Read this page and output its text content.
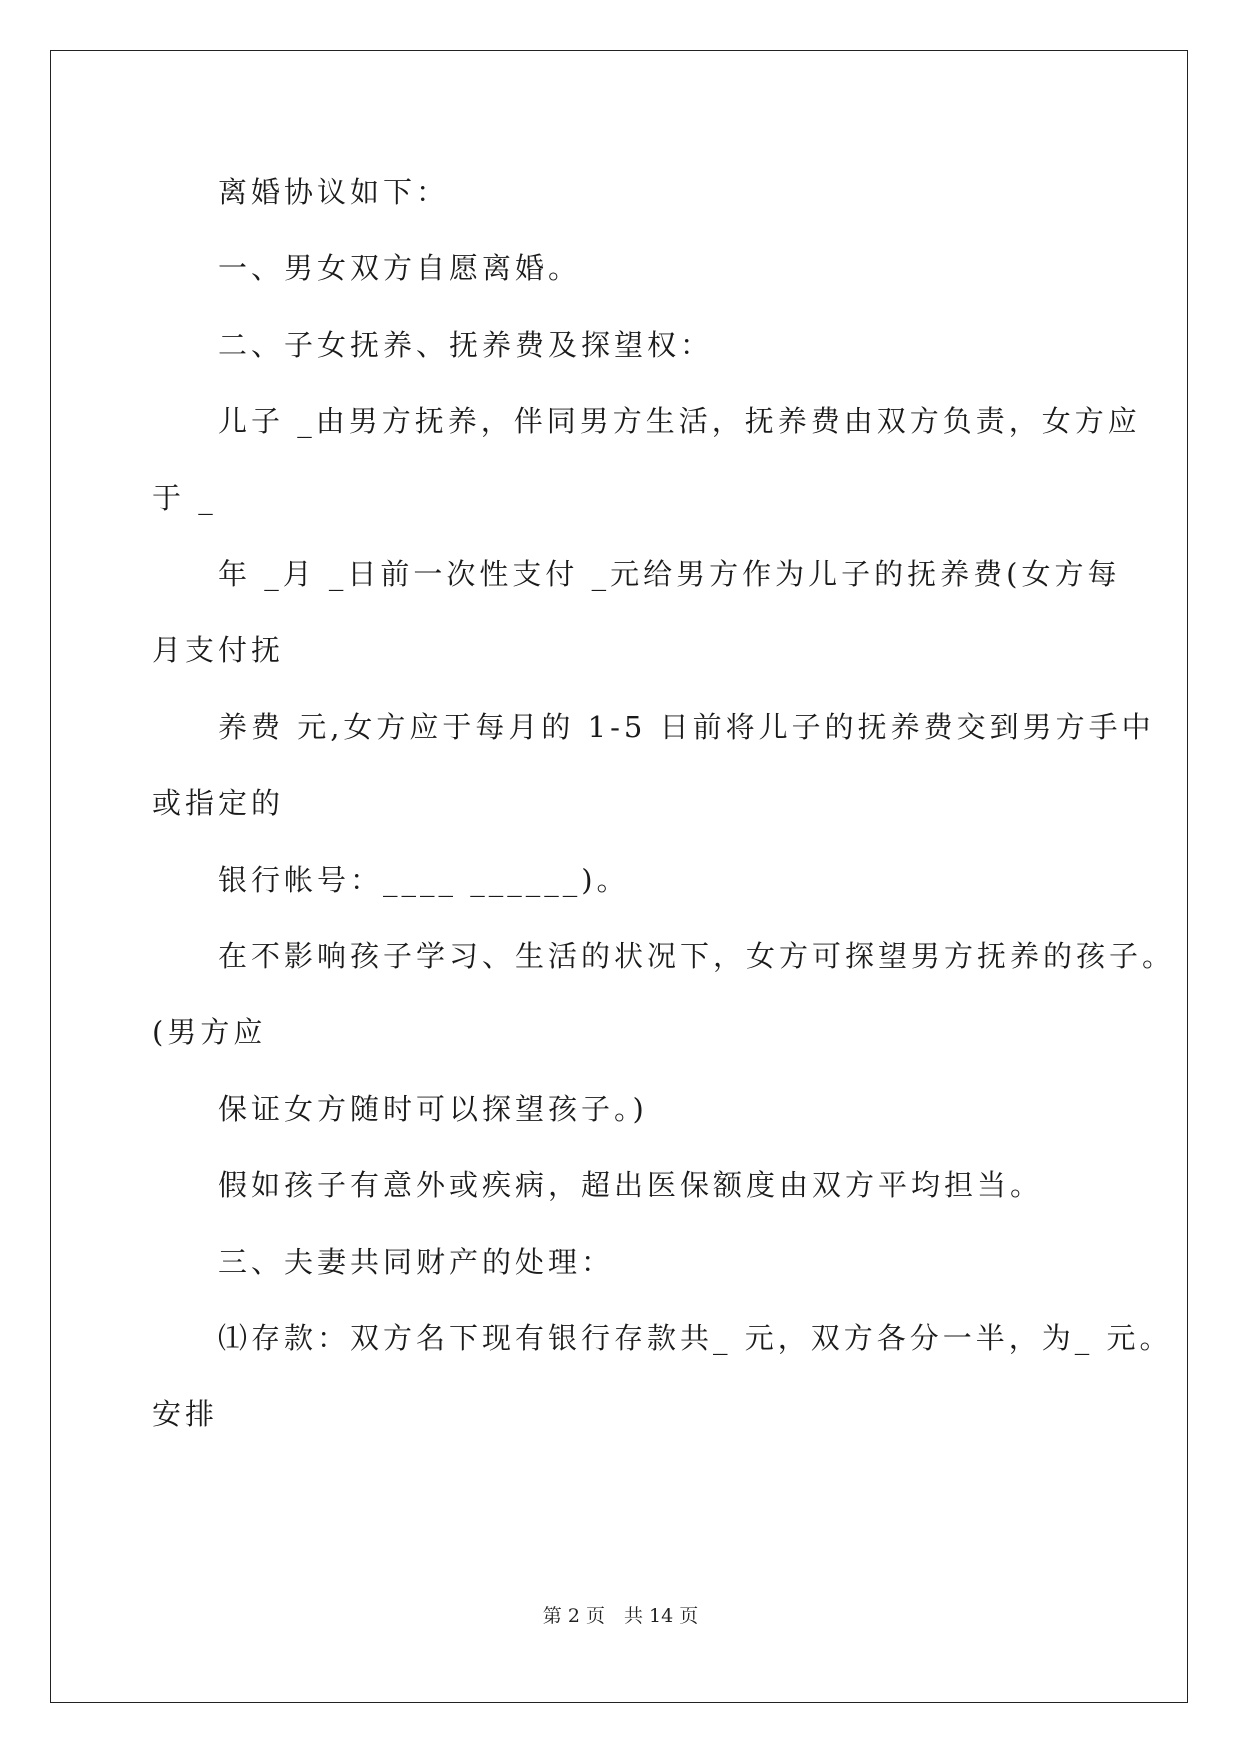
离婚协议如下：
一、男女双方自愿离婚。
二、子女抚养、抚养费及探望权：
儿子 _由男方抚养，伴同男方生活，抚养费由双方负责，女方应
于 _
年 _月 _日前一次性支付 _元给男方作为儿子的抚养费(女方每
月支付抚
养费 元,女方应于每月的 1-5 日前将儿子的抚养费交到男方手中
或指定的
银行帐号：____ ______)。
在不影响孩子学习、生活的状况下，女方可探望男方抚养的孩子。
(男方应
保证女方随时可以探望孩子。)
假如孩子有意外或疾病，超出医保额度由双方平均担当。
三、夫妻共同财产的处理：
⑴存款：双方名下现有银行存款共_ 元，双方各分一半，为_ 元。
安排
第 2 页　共 14 页
